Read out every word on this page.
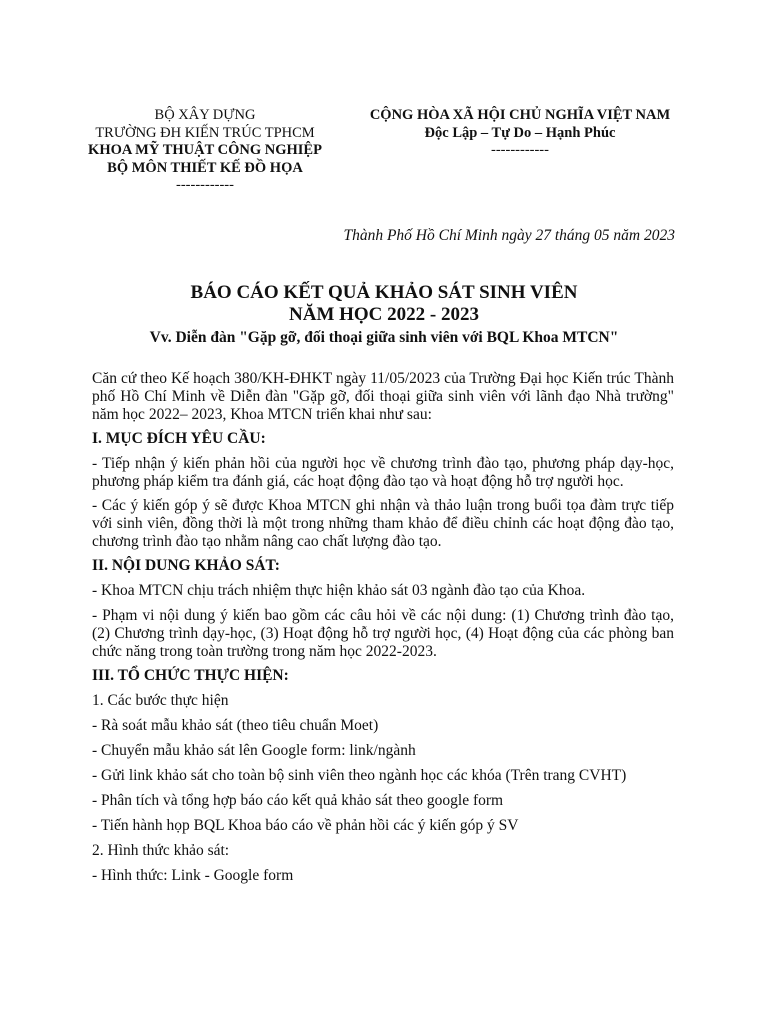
BỘ XÂY DỰNG
TRƯỜNG ĐH KIẾN TRÚC TPHCM
KHOA MỸ THUẬT CÔNG NGHIỆP
BỘ MÔN THIẾT KẾ ĐỒ HỌA
------------
CỘNG HÒA XÃ HỘI CHỦ NGHĨA VIỆT NAM
Độc Lập – Tự Do – Hạnh Phúc
------------
Thành Phố Hồ Chí Minh ngày 27 tháng 05 năm 2023
BÁO CÁO KẾT QUẢ KHẢO SÁT SINH VIÊN
NĂM HỌC 2022 - 2023
Vv. Diễn đàn "Gặp gỡ, đối thoại giữa sinh viên với BQL Khoa MTCN"

Căn cứ theo Kế hoạch 380/KH-ĐHKT ngày 11/05/2023 của Trường Đại học Kiến trúc Thành phố Hồ Chí Minh về Diễn đàn "Gặp gỡ, đối thoại giữa sinh viên với lãnh đạo Nhà trường" năm học 2022– 2023, Khoa MTCN triển khai như sau:

I. MỤC ĐÍCH YÊU CẦU:

- Tiếp nhận ý kiến phản hồi của người học về chương trình đào tạo, phương pháp dạy-học, phương pháp kiểm tra đánh giá, các hoạt động đào tạo và hoạt động hỗ trợ người học.

- Các ý kiến góp ý sẽ được Khoa MTCN ghi nhận và thảo luận trong buổi tọa đàm trực tiếp với sinh viên, đồng thời là một trong những tham khảo để điều chỉnh các hoạt động đào tạo, chương trình đào tạo nhằm nâng cao chất lượng đào tạo.

II. NỘI DUNG KHẢO SÁT:

- Khoa MTCN chịu trách nhiệm thực hiện khảo sát 03 ngành đào tạo của Khoa.

- Phạm vi nội dung ý kiến bao gồm các câu hỏi về các nội dung: (1) Chương trình đào tạo, (2) Chương trình dạy-học, (3) Hoạt động hỗ trợ người học, (4) Hoạt động của các phòng ban chức năng trong toàn trường trong năm học 2022-2023.

III. TỔ CHỨC THỰC HIỆN:

1. Các bước thực hiện

- Rà soát mẫu khảo sát (theo tiêu chuẩn Moet)

- Chuyển mẫu khảo sát lên Google form: link/ngành

- Gửi link khảo sát cho toàn bộ sinh viên theo ngành học các khóa (Trên trang CVHT)

- Phân tích và tổng hợp báo cáo kết quả khảo sát theo google form

- Tiến hành họp BQL Khoa báo cáo về phản hồi các ý kiến góp ý SV

2. Hình thức khảo sát:

- Hình thức: Link - Google form
